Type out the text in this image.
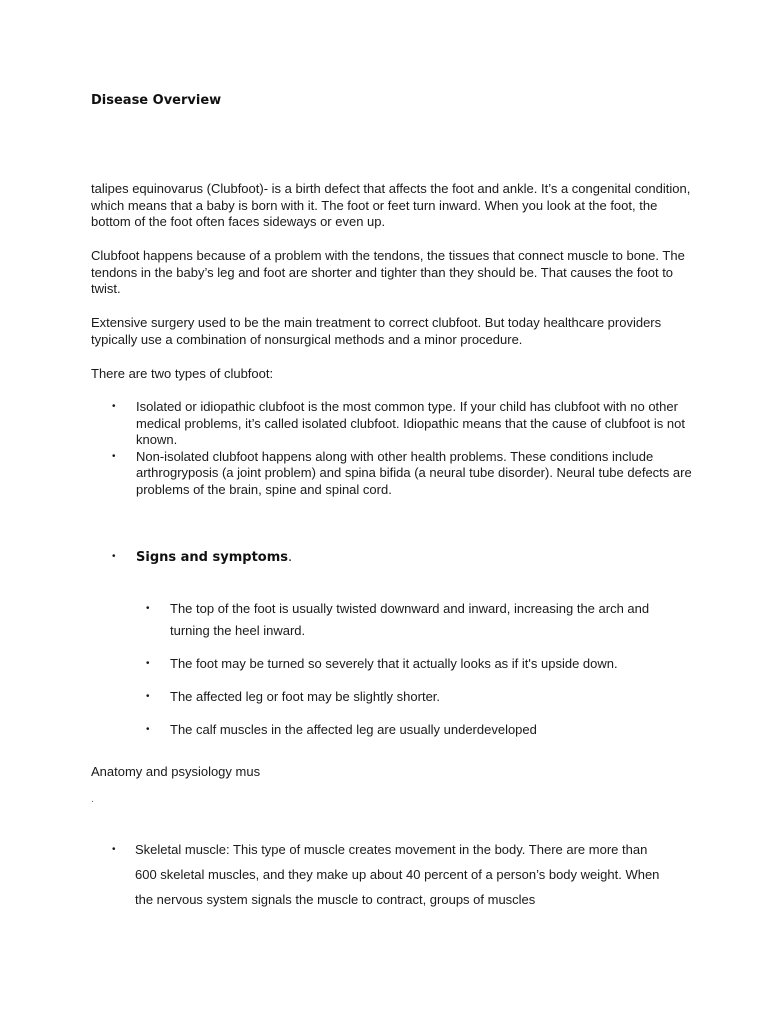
Disease Overview

talipes equinovarus (Clubfoot)- is a birth defect that affects the foot and ankle. It’s a congenital condition, which means that a baby is born with it. The foot or feet turn inward. When you look at the foot, the bottom of the foot often faces sideways or even up.

Clubfoot happens because of a problem with the tendons, the tissues that connect muscle to bone. The tendons in the baby’s leg and foot are shorter and tighter than they should be. That causes the foot to twist.

Extensive surgery used to be the main treatment to correct clubfoot. But today healthcare providers typically use a combination of nonsurgical methods and a minor procedure.

There are two types of clubfoot:

• Isolated or idiopathic clubfoot is the most common type. If your child has clubfoot with no other medical problems, it’s called isolated clubfoot. Idiopathic means that the cause of clubfoot is not known.
• Non-isolated clubfoot happens along with other health problems. These conditions include arthrogryposis (a joint problem) and spina bifida (a neural tube disorder). Neural tube defects are problems of the brain, spine and spinal cord.
• Signs and symptoms.
• The top of the foot is usually twisted downward and inward, increasing the arch and turning the heel inward.
• The foot may be turned so severely that it actually looks as if it's upside down.
• The affected leg or foot may be slightly shorter.
• The calf muscles in the affected leg are usually underdeveloped

Anatomy and psysiology mus

.

• Skeletal muscle: This type of muscle creates movement in the body. There are more than 600 skeletal muscles, and they make up about 40 percent of a person’s body weight. When the nervous system signals the muscle to contract, groups of muscles
